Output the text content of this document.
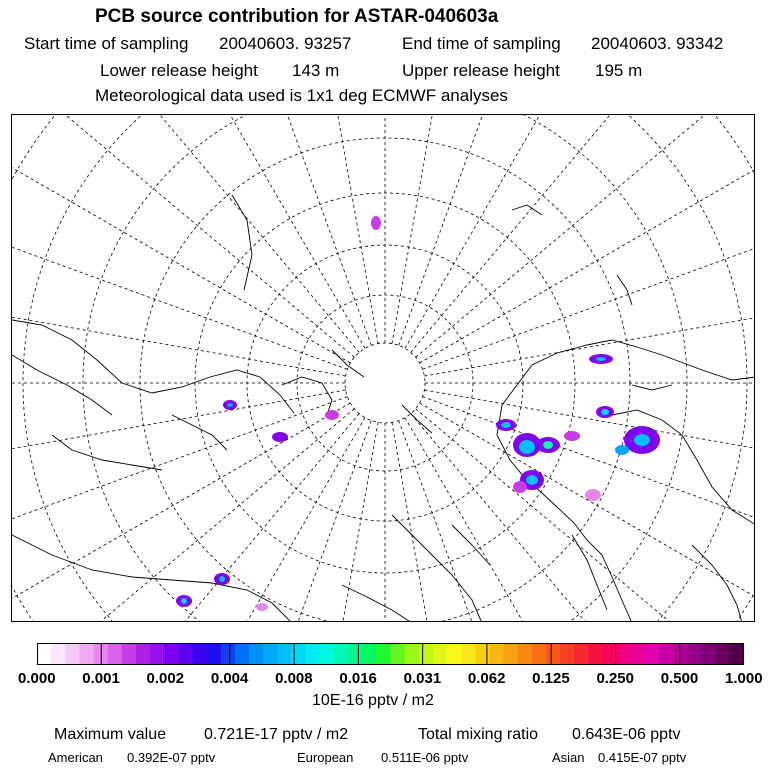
PCB source contribution for ASTAR-040603a
Start time of sampling 20040603. 93257	End time of sampling 20040603. 93342
Lower release height 143 m	Upper release height 195 m
Meteorological data used is 1x1 deg ECMWF analyses
0.000 0.001 0.002 0.004 0.008 0.016 0.031 0.062 0.125 0.250 0.500 1.000
10E-16 pptv / m2
Maximum value 0.721E-17 pptv / m2	Total mixing ratio 0.643E-06 pptv
American 0.392E-07 pptv	European 0.511E-06 pptv	Asian 0.415E-07 pptv
